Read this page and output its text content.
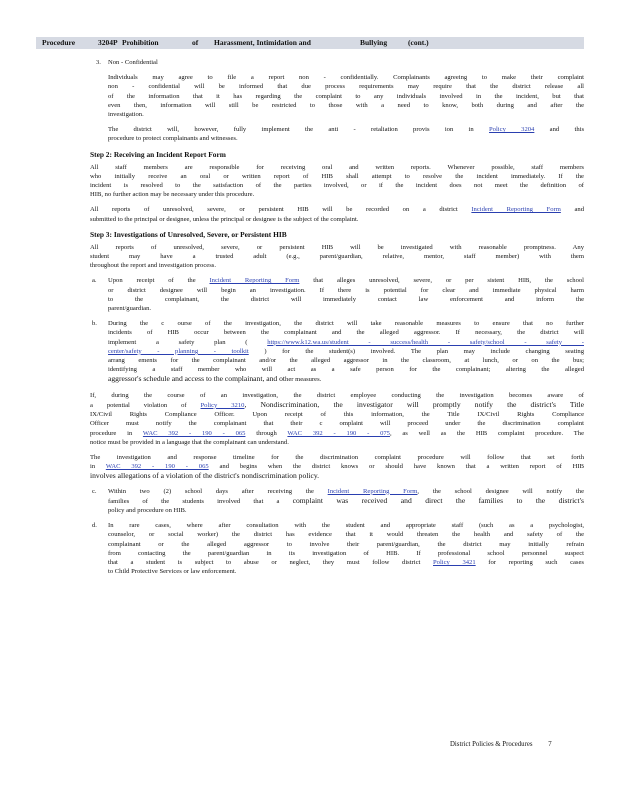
Procedure	3204P Prohibition	of Harassment, Intimidation and	Bullying	(cont.)
3. Non - Confidential
Individuals may agree to file a report non - confidentially. Complainants agreeing to make their complaint
non - confidential will be informed that due process requirements may require that the district release all
of the information that it has regarding the complaint to any individuals involved in the incident, but that
even then, information will still be restricted to those with a need to know, both during and after the
investigation.
The district will, however, fully implement the anti - retaliation provis ion in Policy 3204 and this
procedure to protect complainants and witnesses.
Step 2: Receiving an Incident Report Form
All staff members are responsible for receiving oral and written reports. Whenever possible, staff members
who initially receive an oral or written report of HIB shall attempt to resolve the incident immediately. If the
incident is resolved to the satisfaction of the parties involved, or if the incident does not meet the definition of
HIB, no further action may be necessary under this procedure.
All reports of unresolved, severe, or persistent HIB will be recorded on a district Incident Reporting Form and
submitted to the principal or designee, unless the principal or designee is the subject of the complaint.
Step 3: Investigations of Unresolved, Severe, or Persistent HIB
All reports of unresolved, severe, or persistent HIB will be investigated with reasonable promptness. Any
student may have a trusted adult (e.g., parent/guardian, relative, mentor, staff member) with them
throughout the report and investigation process.
a. Upon receipt of the Incident Reporting Form that alleges unresolved, severe, or per sistent HIB, the school
or district designee will begin an investigation. If there is potential for clear and immediate physical harm
to the complainant, the district will immediately contact law enforcement and inform the
parent/guardian.
b. During the c ourse of the investigation, the district will take reasonable measures to ensure that no further
incidents of HIB occur between the complainant and the alleged aggressor. If necessary, the district will
implement a safety plan (	https://www.k12.wa.us/student - success/health - safety/school - safety -
center/safety - planning - toolkit ) for the student(s) involved. The plan may include changing seating
arrang ements for the complainant and/or the alleged aggressor in the classroom, at lunch, or on the bus;
identifying a staff member who will act as a safe person for the complainant; altering the alleged
aggressor's schedule and access to the complainant, and other measures.
If, during the course of an investigation, the district employee conducting the investigation becomes aware of
a potential violation of Policy 3210, Nondiscrimination, the investigator will promptly notify the district's Title
IX/Civil Rights Compliance Officer. Upon receipt of this information, the Title IX/Civil Rights Compliance
Officer must notify the complainant that their c omplaint will proceed under the discrimination complaint
procedure in WAC 392 - 190 - 065 through WAC 392 - 190 - 075, as well as the HIB complaint procedure. The
notice must be provided in a language that the complainant can understand.
The investigation and response timeline for the discrimination complaint procedure will follow that set forth
in WAC 392 - 190 - 065 and begins when the district knows or should have known that a written report of HIB
involves allegations of a violation of the district's nondiscrimination policy.
c. Within two (2) school days after receiving the Incident Reporting Form, the school designee will notify the
families of the students involved that a complaint was received and direct the families to the district's
policy and procedure on HIB.
d. In rare cases, where after consultation with the student and appropriate staff (such as a psychologist,
counselor, or social worker) the district has evidence that it would threaten the health and safety of the
complainant or the alleged aggressor to involve their parent/guardian, the district may initially refrain
from contacting the parent/guardian in its investigation of HIB. If professional school personnel suspect
that a student is subject to abuse or neglect, they must follow district Policy 3421 for reporting such cases
to Child Protective Services or law enforcement.
District Policies & Procedures 7
